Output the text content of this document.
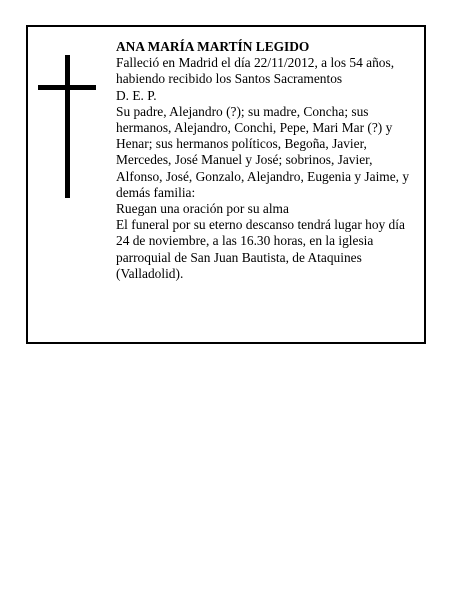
ANA MARÍA MARTÍN LEGIDO

Falleció en Madrid el día 22/11/2012, a los 54 años, habiendo recibido los Santos Sacramentos

D. E. P.

Su padre, Alejandro (?); su madre, Concha; sus hermanos, Alejandro, Conchi, Pepe, Mari Mar (?) y Henar; sus hermanos políticos, Begoña, Javier, Mercedes, José Manuel y José; sobrinos, Javier, Alfonso, José, Gonzalo, Alejandro, Eugenia y Jaime, y demás familia:

Ruegan una oración por su alma

El funeral por su eterno descanso tendrá lugar hoy día 24 de noviembre, a las 16.30 horas, en la iglesia parroquial de San Juan Bautista, de Ataquines (Valladolid).
